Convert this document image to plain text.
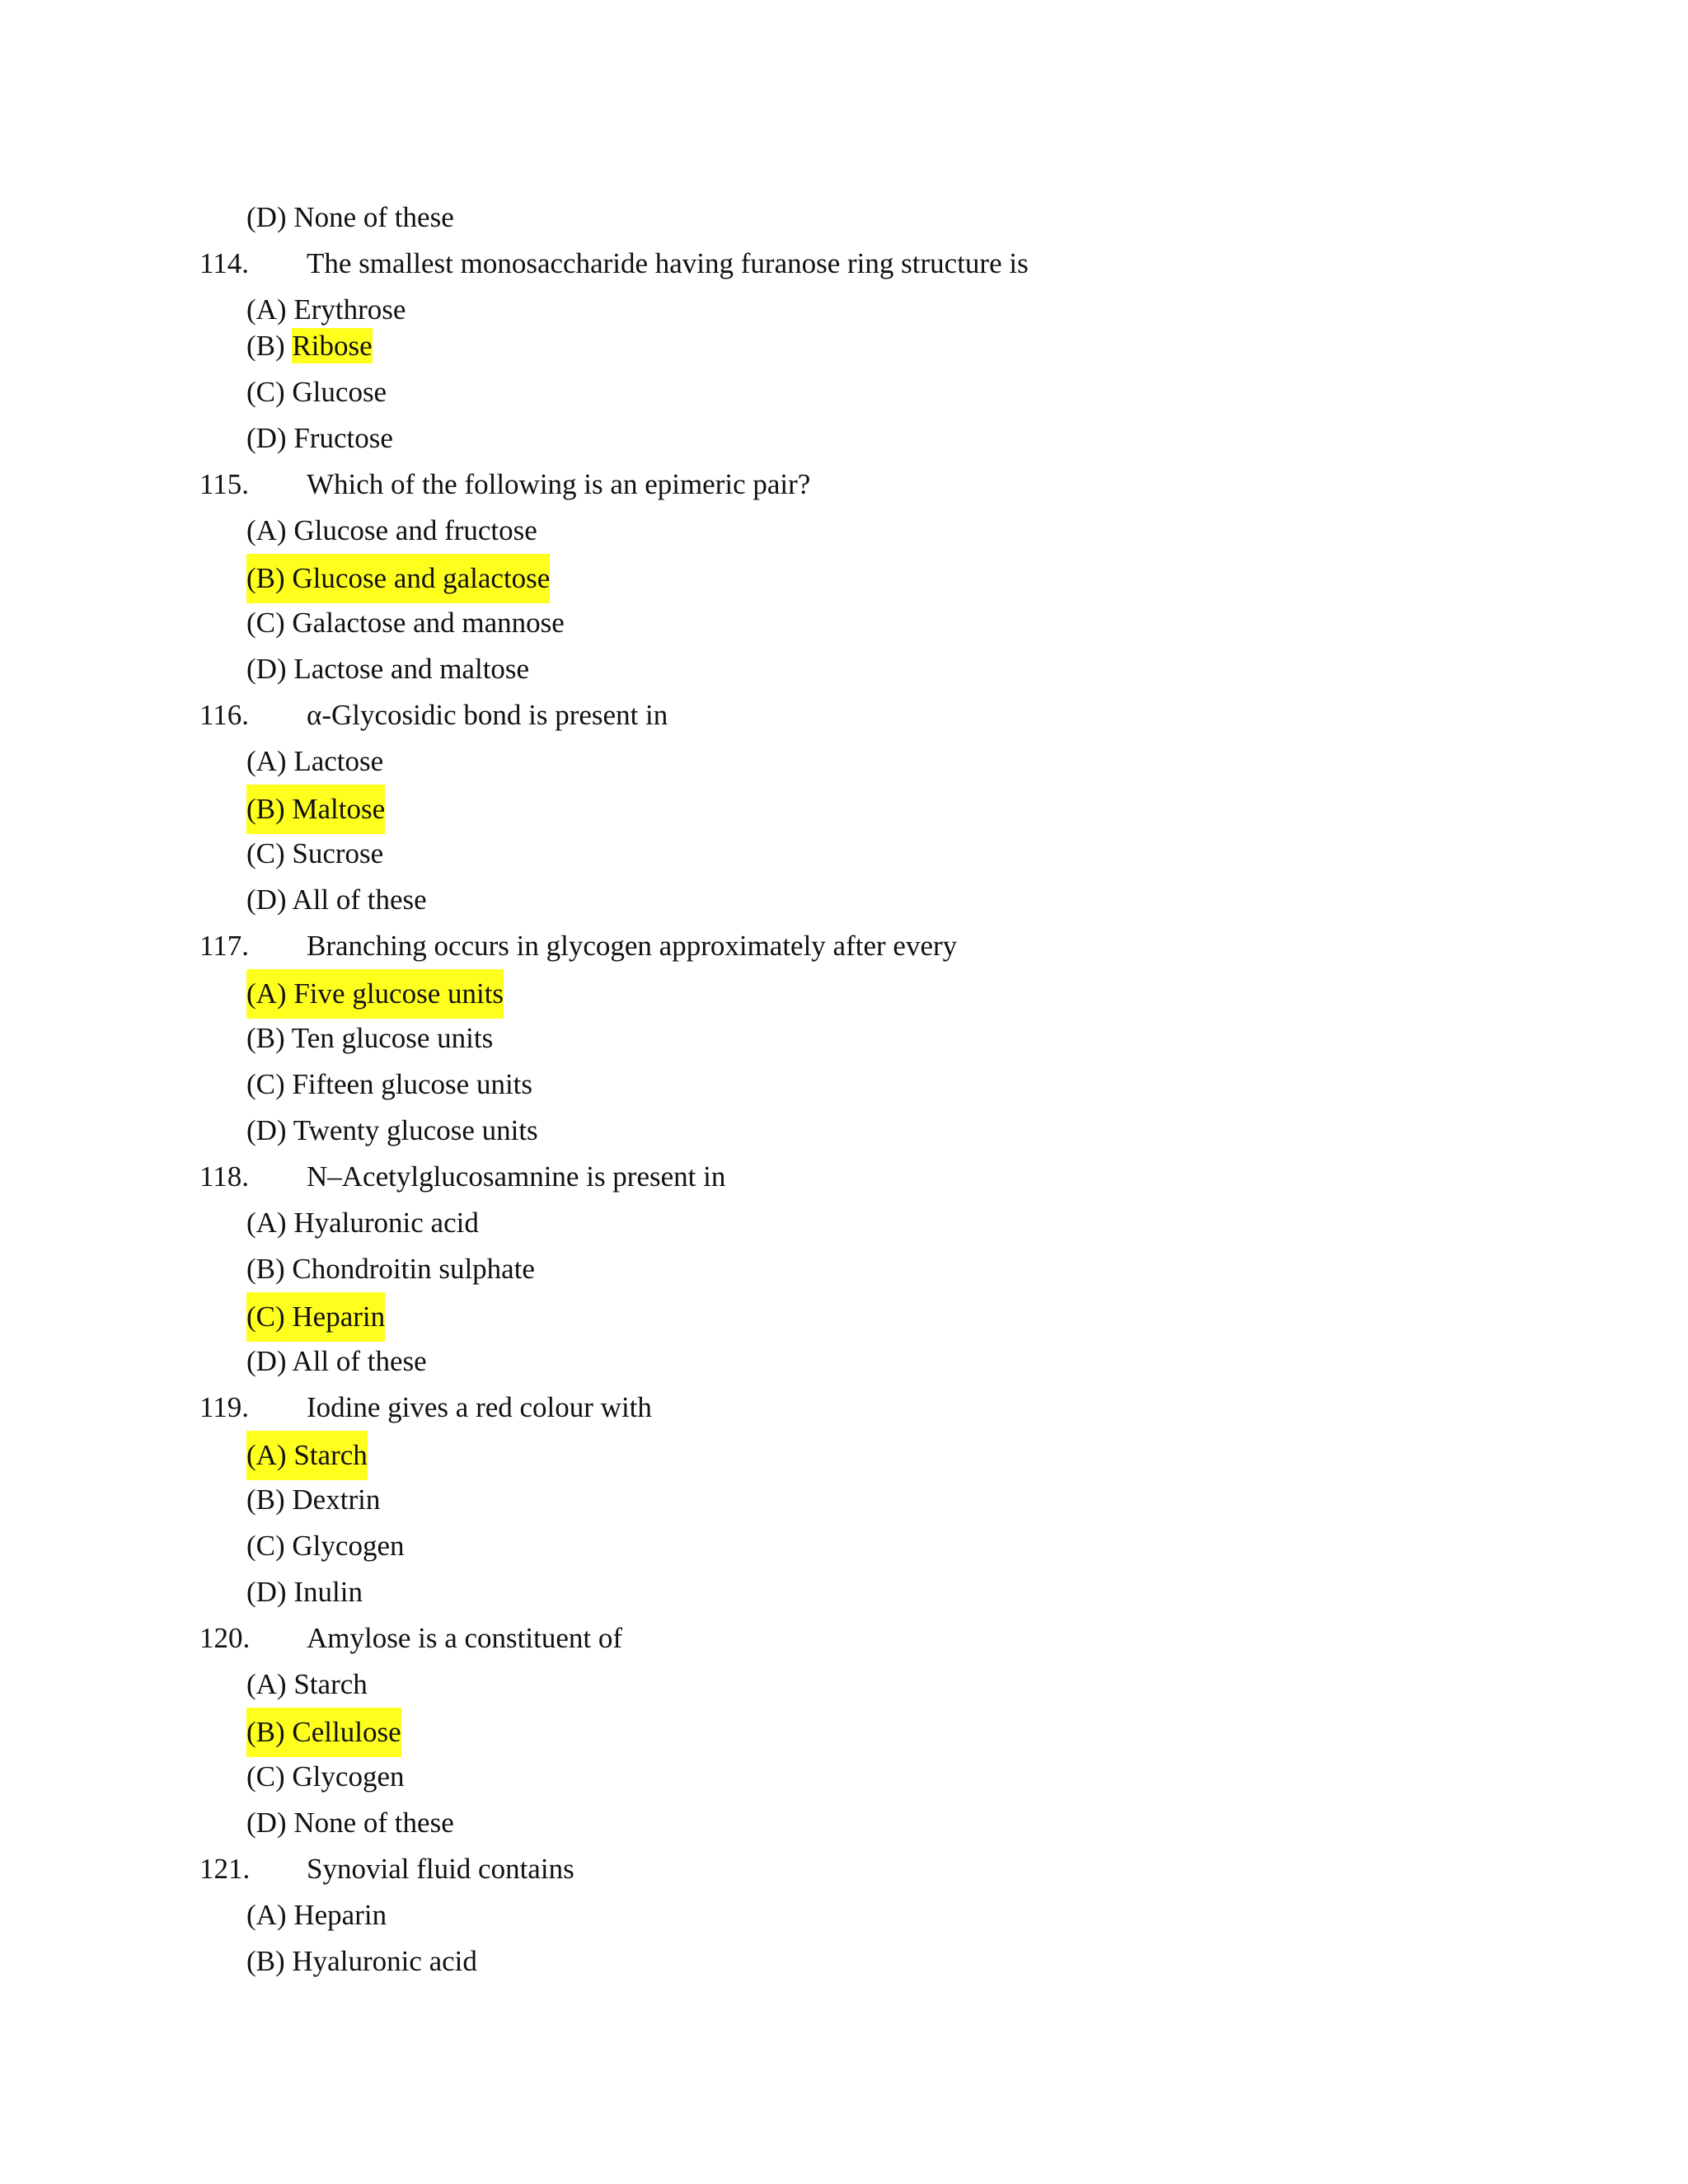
(D) None of these
114. The smallest monosaccharide having furanose ring structure is
(A) Erythrose
(B) Ribose
(C) Glucose
(D) Fructose
115. Which of the following is an epimeric pair?
(A) Glucose and fructose
(B) Glucose and galactose
(C) Galactose and mannose
(D) Lactose and maltose
116. α-Glycosidic bond is present in
(A) Lactose
(B) Maltose
(C) Sucrose
(D) All of these
117. Branching occurs in glycogen approximately after every
(A) Five glucose units
(B) Ten glucose units
(C) Fifteen glucose units
(D) Twenty glucose units
118. N–Acetylglucosamnine is present in
(A) Hyaluronic acid
(B) Chondroitin sulphate
(C) Heparin
(D) All of these
119. Iodine gives a red colour with
(A) Starch
(B) Dextrin
(C) Glycogen
(D) Inulin
120. Amylose is a constituent of
(A) Starch
(B) Cellulose
(C) Glycogen
(D) None of these
121. Synovial fluid contains
(A) Heparin
(B) Hyaluronic acid
